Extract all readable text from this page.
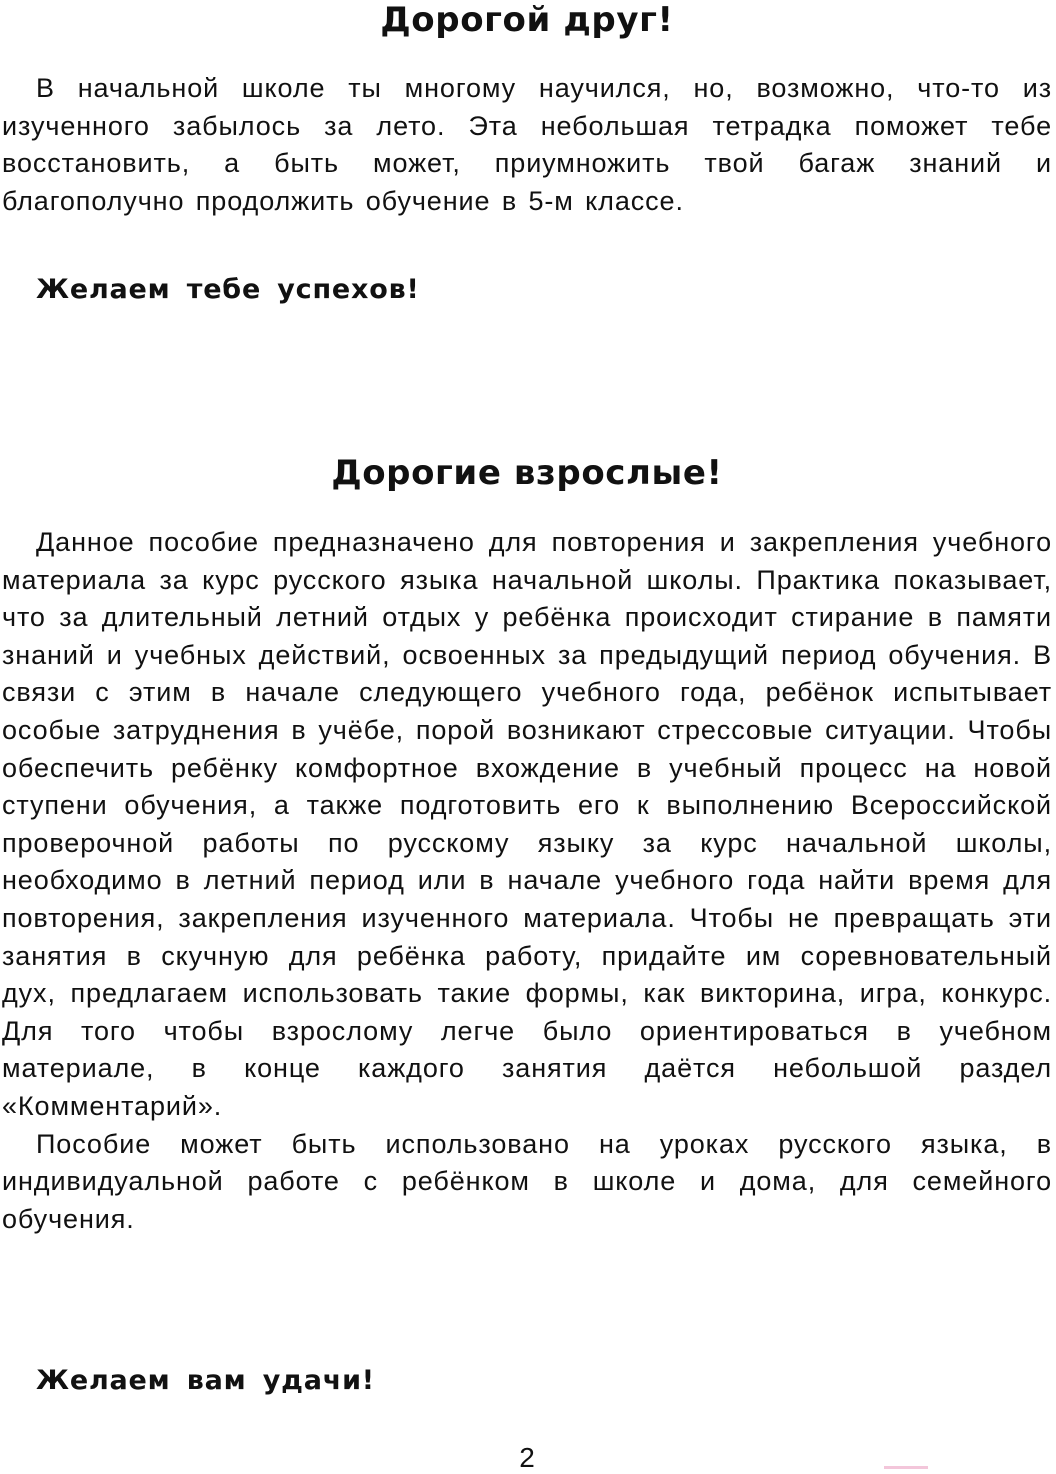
Дорогой друг!

В начальной школе ты многому научился, но, возможно, что-то из изученного забылось за лето. Эта небольшая тетрадка поможет тебе восстановить, а быть может, приумножить твой багаж знаний и благополучно продолжить обучение в 5-м классе.

Желаем тебе успехов!

Дорогие взрослые!

Данное пособие предназначено для повторения и закрепления учебного материала за курс русского языка начальной школы. Практика показывает, что за длительный летний отдых у ребёнка происходит стирание в памяти знаний и учебных действий, освоенных за предыдущий период обучения. В связи с этим в начале следующего учебного года, ребёнок испытывает особые затруднения в учёбе, порой возникают стрессовые ситуации. Чтобы обеспечить ребёнку комфортное вхождение в учебный процесс на новой ступени обучения, а также подготовить его к выполнению Всероссийской проверочной работы по русскому языку за курс начальной школы, необходимо в летний период или в начале учебного года найти время для повторения, закрепления изученного материала. Чтобы не превращать эти занятия в скучную для ребёнка работу, придайте им соревновательный дух, предлагаем использовать такие формы, как викторина, игра, конкурс. Для того чтобы взрослому легче было ориентироваться в учебном материале, в конце каждого занятия даётся небольшой раздел «Комментарий».

Пособие может быть использовано на уроках русского языка, в индивидуальной работе с ребёнком в школе и дома, для семейного обучения.

Желаем вам удачи!

2
